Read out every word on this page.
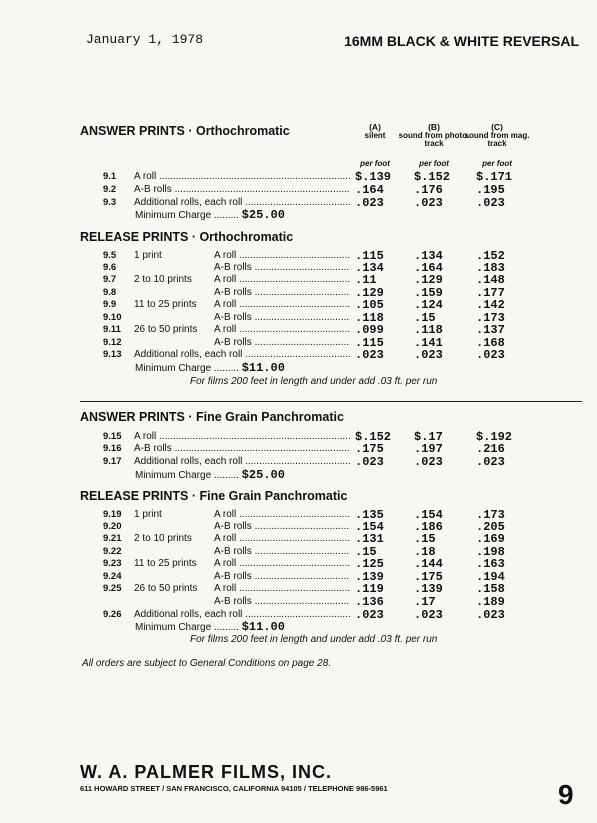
January 1, 1978	16MM BLACK & WHITE REVERSAL
(A)
silent
(B)
sound from photo. track
(C)
sound from mag. track
per foot	per foot	per foot
ANSWER PRINTS · Orthochromatic
9.1 A roll .....	$.139	$.152	$.171
9.2 A-B rolls .....	.164	.176	.195
9.3 Additional rolls, each roll .....	.023	.023	.023
Minimum Charge ......... $25.00
RELEASE PRINTS · Orthochromatic
9.5 1 print	A roll .....	.115	.134	.152
9.6	A-B rolls .....	.134	.164	.183
9.7 2 to 10 prints A roll .....	.11	.129	.148
9.8	A-B rolls .....	.129	.159	.177
9.9 11 to 25 prints A roll .....	.105	.124	.142
9.10	A-B rolls .....	.118	.15	.173
9.11 26 to 50 prints A roll .....	.099	.118	.137
9.12	A-B rolls .....	.115	.141	.168
9.13 Additional rolls, each roll .....	.023	.023	.023
Minimum Charge ......... $11.00
For films 200 feet in length and under add .03 ft. per run
ANSWER PRINTS · Fine Grain Panchromatic
9.15 A roll .....	$.152	$.17	$.192
9.16 A-B rolls .....	.175	.197	.216
9.17 Additional rolls, each roll .....	.023	.023	.023
Minimum Charge ......... $25.00
RELEASE PRINTS · Fine Grain Panchromatic
9.19 1 print	A roll .....	.135	.154	.173
9.20	A-B rolls .....	.154	.186	.205
9.21 2 to 10 prints A roll .....	.131	.15	.169
9.22	A-B rolls .....	.15	.18	.198
9.23 11 to 25 prints A roll .....	.125	.144	.163
9.24	A-B rolls .....	.139	.175	.194
9.25 26 to 50 prints A roll .....	.119	.139	.158
A-B rolls .....	.136	.17	.189
9.26 Additional rolls, each roll .....	.023	.023	.023
Minimum Charge ......... $11.00
For films 200 feet in length and under add .03 ft. per run
All orders are subject to General Conditions on page 28.
W. A. PALMER FILMS, INC.
611 HOWARD STREET / SAN FRANCISCO, CALIFORNIA 94105 / TELEPHONE 986-5961	9
